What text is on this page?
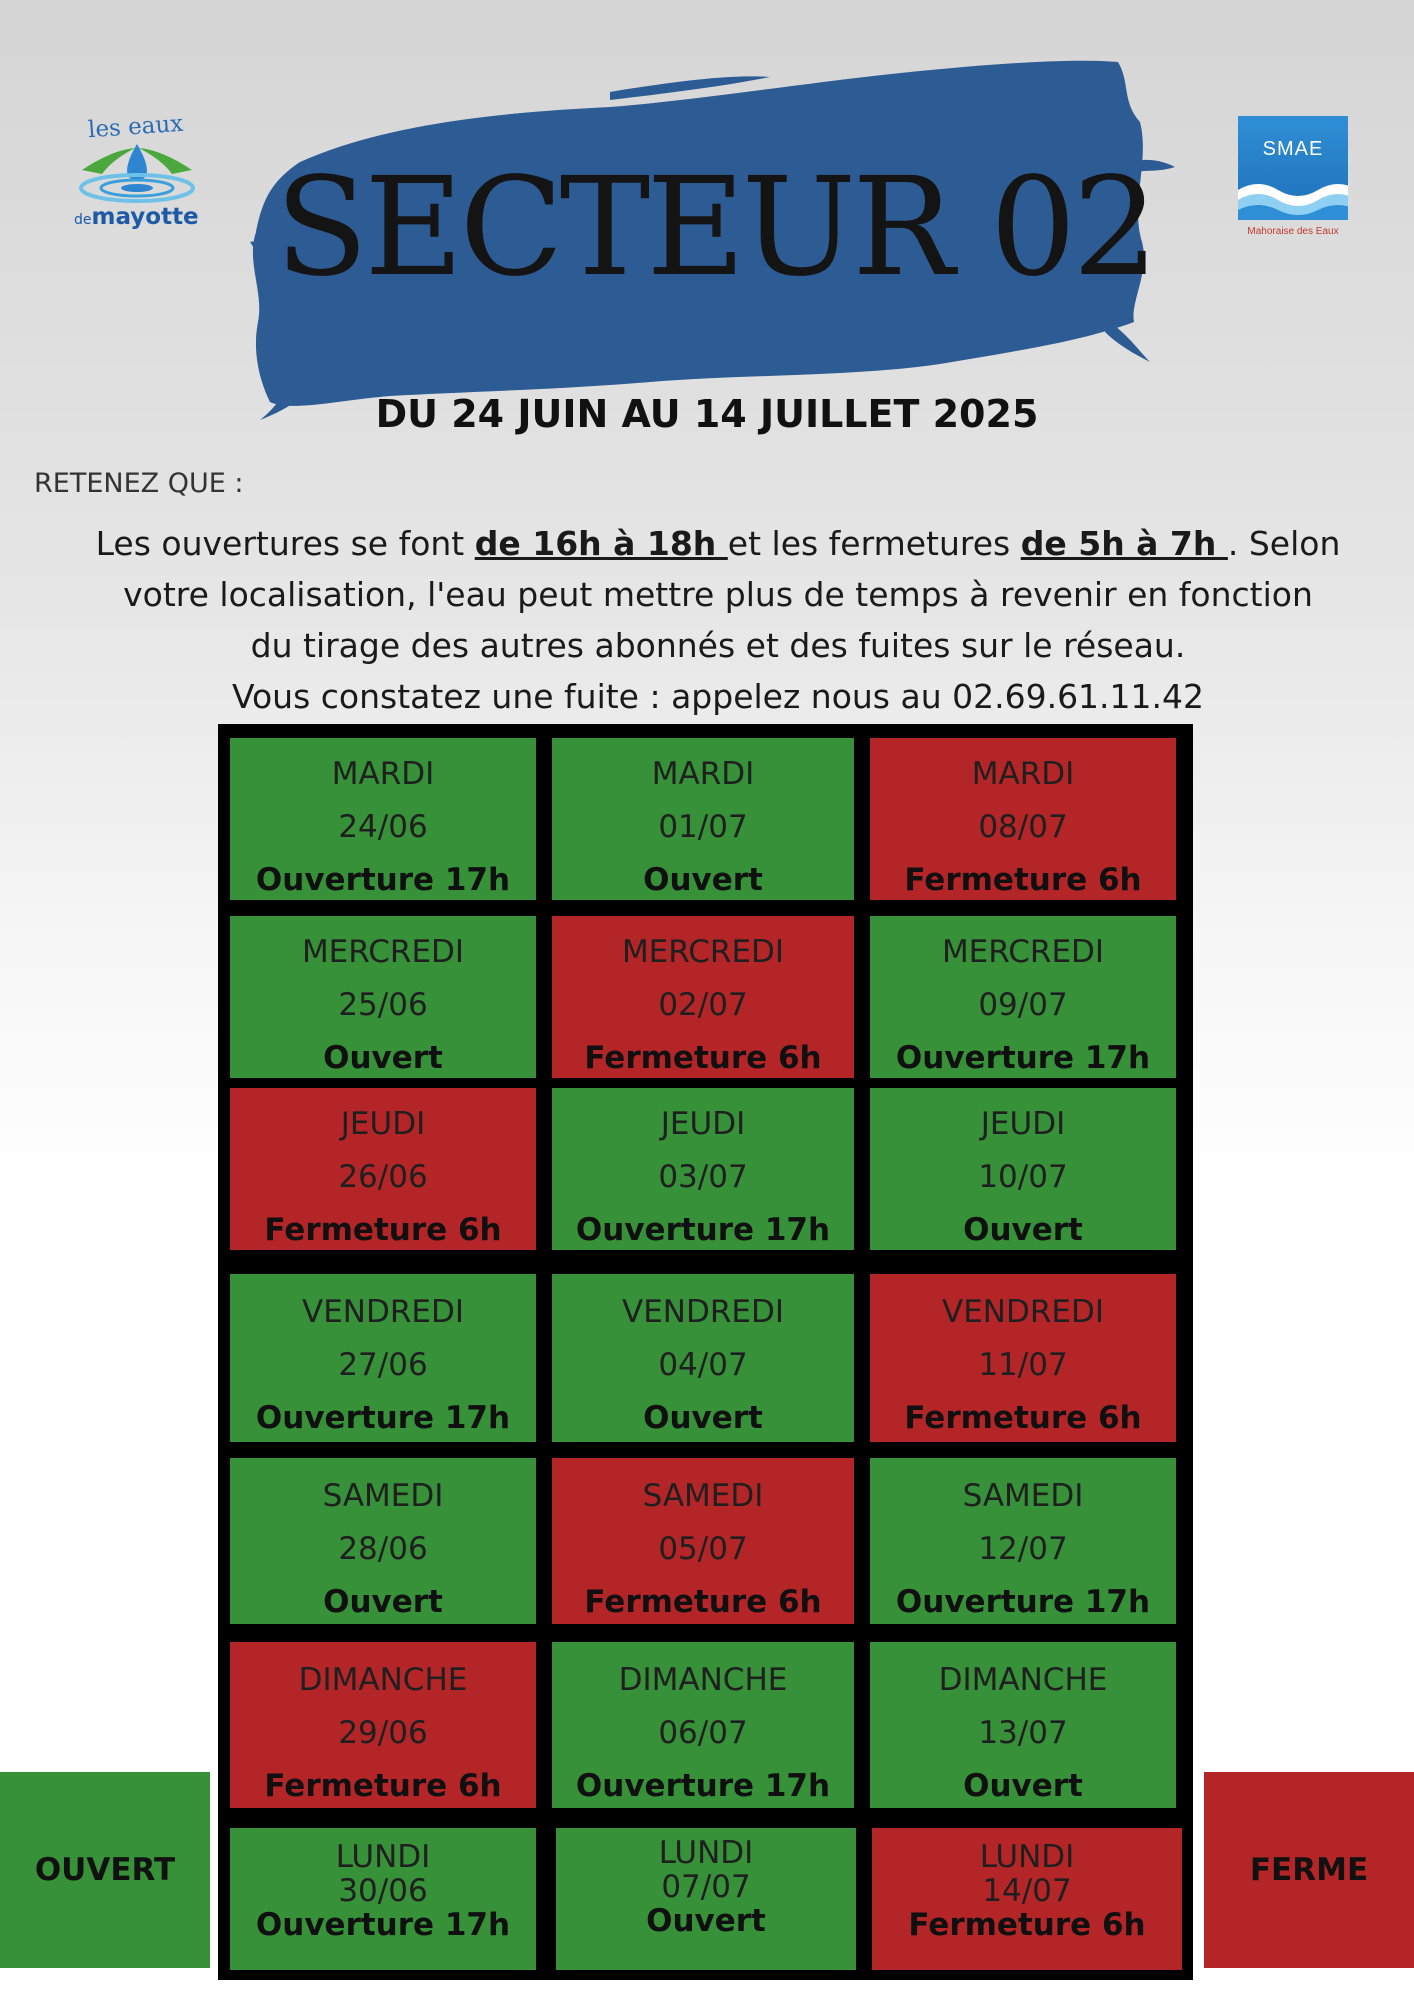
les eaux
demayotte
SMAE
Mahoraise des Eaux
SECTEUR 02
DU 24 JUIN AU 14 JUILLET 2025
RETENEZ QUE :

Les ouvertures se font de 16h à 18h et les fermetures de 5h à 7h . Selon

votre localisation, l'eau peut mettre plus de temps à revenir en fonction

du tirage des autres abonnés et des fuites sur le réseau.

Vous constatez une fuite : appelez nous au 02.69.61.11.42

MARDI
24/06
Ouverture 17h
MARDI
01/07
Ouvert
MARDI
08/07
Fermeture 6h
MERCREDI
25/06
Ouvert
MERCREDI
02/07
Fermeture 6h
MERCREDI
09/07
Ouverture 17h
JEUDI
26/06
Fermeture 6h
JEUDI
03/07
Ouverture 17h
JEUDI
10/07
Ouvert
VENDREDI
27/06
Ouverture 17h
VENDREDI
04/07
Ouvert
VENDREDI
11/07
Fermeture 6h
SAMEDI
28/06
Ouvert
SAMEDI
05/07
Fermeture 6h
SAMEDI
12/07
Ouverture 17h
DIMANCHE
29/06
Fermeture 6h
DIMANCHE
06/07
Ouverture 17h
DIMANCHE
13/07
Ouvert
LUNDI
30/06
Ouverture 17h
LUNDI
07/07
Ouvert
LUNDI
14/07
Fermeture 6h
OUVERT	FERME
